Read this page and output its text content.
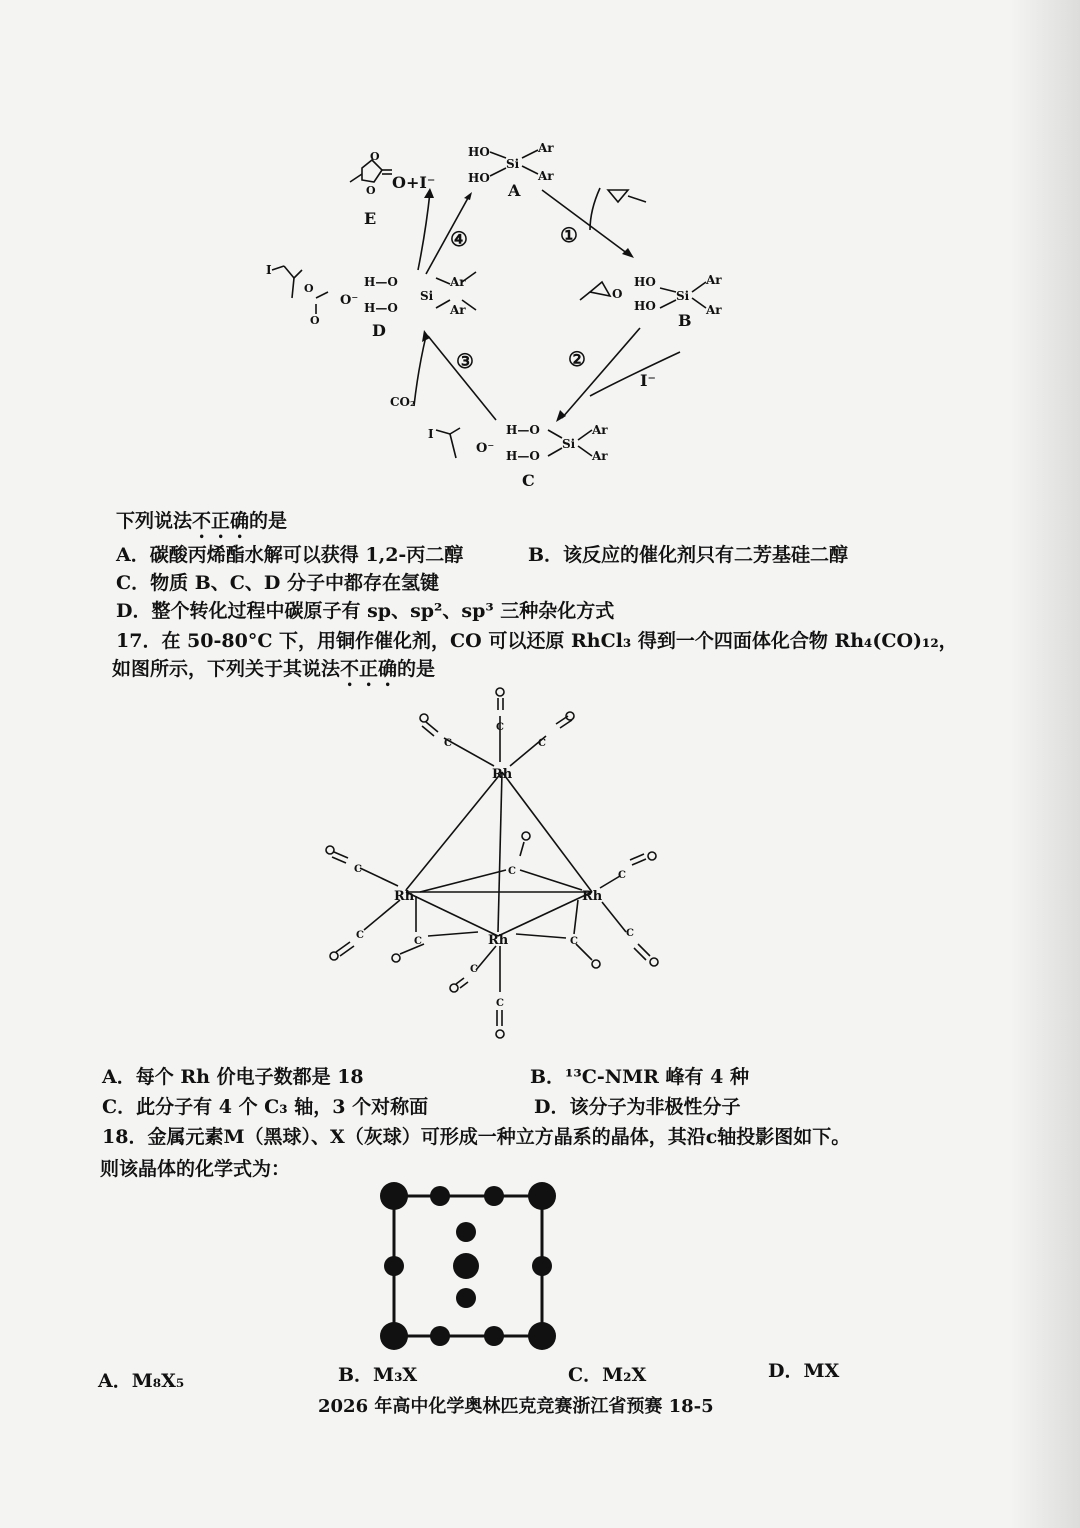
HO
HO
Si
Ar
Ar
A
O
O O+I⁻
E
④	①
②
③
O
HO
HO
Si
Ar
Ar
B
I⁻
I
O⁻
H—O
H—O
Si
Ar
Ar
C
CO₂
I
O
O
O⁻
H—O
H—O
Si
Ar
Ar
D
下列说法不正确的是
A．碳酸丙烯酯水解可以获得 1,2-丙二醇	B．该反应的催化剂只有二芳基硅二醇
C．物质 B、C、D 分子中都存在氢键
D．整个转化过程中碳原子有 sp、sp²、sp³ 三种杂化方式
17．在 50-80°C 下，用铜作催化剂，CO 可以还原 RhCl₃ 得到一个四面体化合物 Rh₄(CO)₁₂，
如图所示，下列关于其说法不正确的是
C
C	C
C
C
C
C
C	C
C
C
C
Rh
Rh	Rh
Rh
A．每个 Rh 价电子数都是 18	B．¹³C-NMR 峰有 4 种
C．此分子有 4 个 C₃ 轴，3 个对称面	D．该分子为非极性分子
18．金属元素M（黑球）、X（灰球）可形成一种立方晶系的晶体，其沿c轴投影图如下。
则该晶体的化学式为：
A．M₈X₅	B．M₃X	C．M₂X	D．MX
2026 年高中化学奥林匹克竞赛浙江省预赛 18-5
